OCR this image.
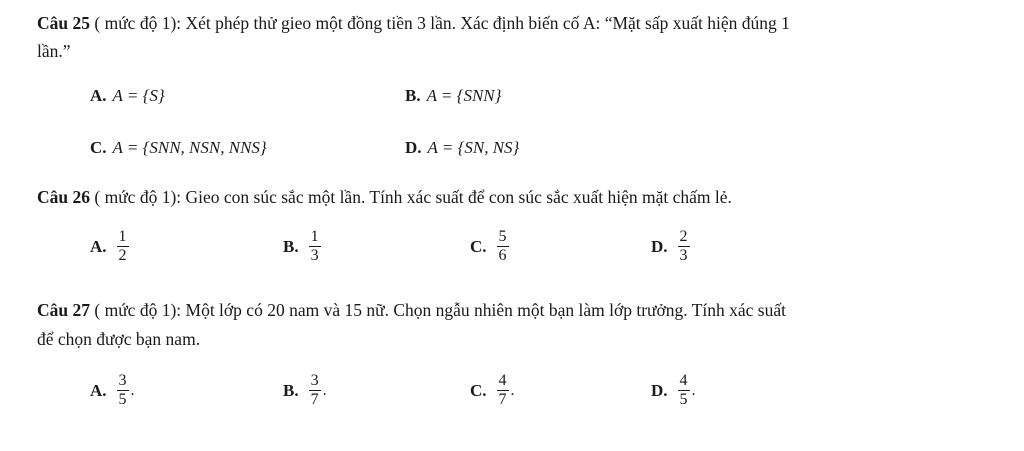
Câu 25 ( mức độ 1): Xét phép thử gieo một đồng tiền 3 lần. Xác định biến cố A: “Mặt sấp xuất hiện đúng 1
lần.”
A. A = {S}	B. A = {SNN}
C. A = {SNN, NSN, NNS}	D. A = {SN, NS}
Câu 26 ( mức độ 1): Gieo con súc sắc một lần. Tính xác suất để con súc sắc xuất hiện mặt chấm lẻ.
A. $\frac{1}{2}$	B. $\frac{1}{3}$	C. $\frac{5}{6}$	D. $\frac{2}{3}$
Câu 27 ( mức độ 1): Một lớp có 20 nam và 15 nữ. Chọn ngẫu nhiên một bạn làm lớp trưởng. Tính xác suất
để chọn được bạn nam.
A. $\frac{3}{5}$ .	B. $\frac{3}{7}$ .	C. $\frac{4}{7}$ .	D. $\frac{4}{5}$ .
